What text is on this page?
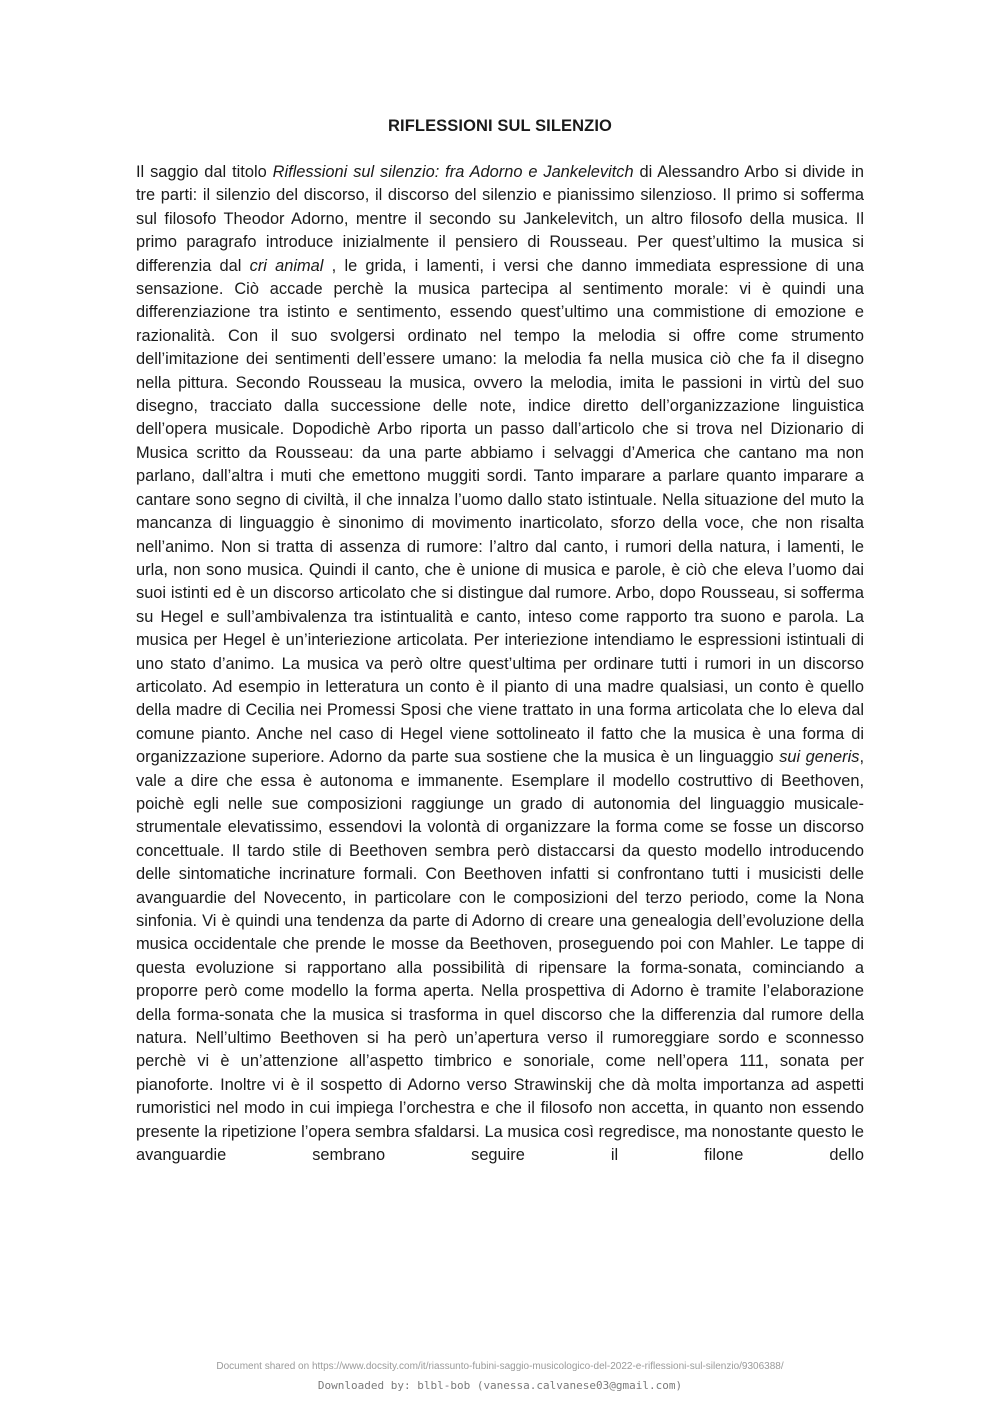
RIFLESSIONI SUL SILENZIO
Il saggio dal titolo Riflessioni sul silenzio: fra Adorno e Jankelevitch di Alessandro Arbo si divide in tre parti: il silenzio del discorso, il discorso del silenzio e pianissimo silenzioso. Il primo si sofferma sul filosofo Theodor Adorno, mentre il secondo su Jankelevitch, un altro filosofo della musica. Il primo paragrafo introduce inizialmente il pensiero di Rousseau. Per quest’ultimo la musica si differenzia dal cri animal , le grida, i lamenti, i versi che danno immediata espressione di una sensazione. Ciò accade perchè la musica partecipa al sentimento morale: vi è quindi una differenziazione tra istinto e sentimento, essendo quest’ultimo una commistione di emozione e razionalità. Con il suo svolgersi ordinato nel tempo la melodia si offre come strumento dell’imitazione dei sentimenti dell’essere umano: la melodia fa nella musica ciò che fa il disegno nella pittura. Secondo Rousseau la musica, ovvero la melodia, imita le passioni in virtù del suo disegno, tracciato dalla successione delle note, indice diretto dell’organizzazione linguistica dell’opera musicale. Dopodichè Arbo riporta un passo dall’articolo che si trova nel Dizionario di Musica scritto da Rousseau: da una parte abbiamo i selvaggi d’America che cantano ma non parlano, dall’altra i muti che emettono muggiti sordi. Tanto imparare a parlare quanto imparare a cantare sono segno di civiltà, il che innalza l’uomo dallo stato istintuale. Nella situazione del muto la mancanza di linguaggio è sinonimo di movimento inarticolato, sforzo della voce, che non risalta nell’animo. Non si tratta di assenza di rumore: l’altro dal canto, i rumori della natura, i lamenti, le urla, non sono musica. Quindi il canto, che è unione di musica e parole, è ciò che eleva l’uomo dai suoi istinti ed è un discorso articolato che si distingue dal rumore. Arbo, dopo Rousseau, si sofferma su Hegel e sull’ambivalenza tra istintualità e canto, inteso come rapporto tra suono e parola. La musica per Hegel è un’interiezione articolata. Per interiezione intendiamo le espressioni istintuali di uno stato d’animo. La musica va però oltre quest’ultima per ordinare tutti i rumori in un discorso articolato. Ad esempio in letteratura un conto è il pianto di una madre qualsiasi, un conto è quello della madre di Cecilia nei Promessi Sposi che viene trattato in una forma articolata che lo eleva dal comune pianto. Anche nel caso di Hegel viene sottolineato il fatto che la musica è una forma di organizzazione superiore. Adorno da parte sua sostiene che la musica è un linguaggio sui generis, vale a dire che essa è autonoma e immanente. Esemplare il modello costruttivo di Beethoven, poichè egli nelle sue composizioni raggiunge un grado di autonomia del linguaggio musicale-strumentale elevatissimo, essendovi la volontà di organizzare la forma come se fosse un discorso concettuale. Il tardo stile di Beethoven sembra però distaccarsi da questo modello introducendo delle sintomatiche incrinature formali. Con Beethoven infatti si confrontano tutti i musicisti delle avanguardie del Novecento, in particolare con le composizioni del terzo periodo, come la Nona sinfonia. Vi è quindi una tendenza da parte di Adorno di creare una genealogia dell’evoluzione della musica occidentale che prende le mosse da Beethoven, proseguendo poi con Mahler. Le tappe di questa evoluzione si rapportano alla possibilità di ripensare la forma-sonata, cominciando a proporre però come modello la forma aperta. Nella prospettiva di Adorno è tramite l’elaborazione della forma-sonata che la musica si trasforma in quel discorso che la differenzia dal rumore della natura. Nell’ultimo Beethoven si ha però un’apertura verso il rumoreggiare sordo e sconnesso perchè vi è un’attenzione all’aspetto timbrico e sonoriale, come nell’opera 111, sonata per pianoforte. Inoltre vi è il sospetto di Adorno verso Strawinskij che dà molta importanza ad aspetti rumoristici nel modo in cui impiega l’orchestra e che il filosofo non accetta, in quanto non essendo presente la ripetizione l’opera sembra sfaldarsi. La musica così regredisce, ma nonostante questo le avanguardie sembrano seguire il filone dello
Document shared on https://www.docsity.com/it/riassunto-fubini-saggio-musicologico-del-2022-e-riflessioni-sul-silenzio/9306388/
Downloaded by: blbl-bob (vanessa.calvanese03@gmail.com)
